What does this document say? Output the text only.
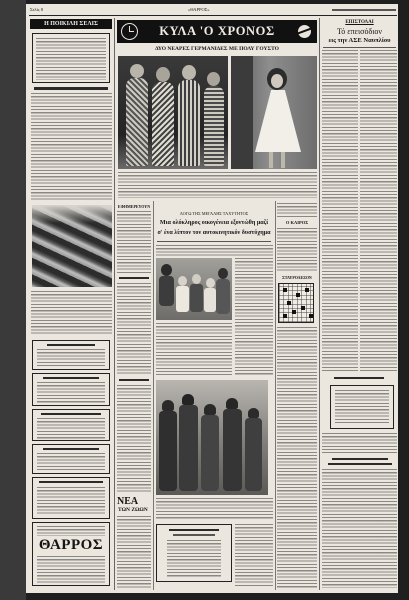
Σελίς 8	«ΘΑΡΡΟΣ»
Η ΠΟΙΚΙΛΗ ΣΕΛΙΣ
ΘΑΡΡΟΣ
ΚΥΛΑ 'Ο ΧΡΟΝΟΣ
ΔΥΟ ΝΕΑΡΕΣ ΓΕΡΜΑΝΙΔΕΣ ΜΕ ΠΟΛΥ ΓΟΥΣΤΟ
ΕΦΗΜΕΡΕΥΟΥΝ
ΝΕΑ
ΤΩΝ ΖΩΩΝ
ΛΟΓΩ ΤΗΣ ΜΕΓΑΛΗΣ ΤΑΧΥΤΗΤΟΣ
Μια ολόκληρος οικογένεια εξοντώθη μαζί
σ' ένα λίπτον τον αυτοκινητικόν δυστύχημα
Ο ΚΑΙΡΟΣ
ΣΤΑΥΡΟΛΕΞΟΝ
ΕΠΙΣΤΟΛΑΙ
Τό επεισόδιον
εις την ΑΣΕ Ναυπλίου
